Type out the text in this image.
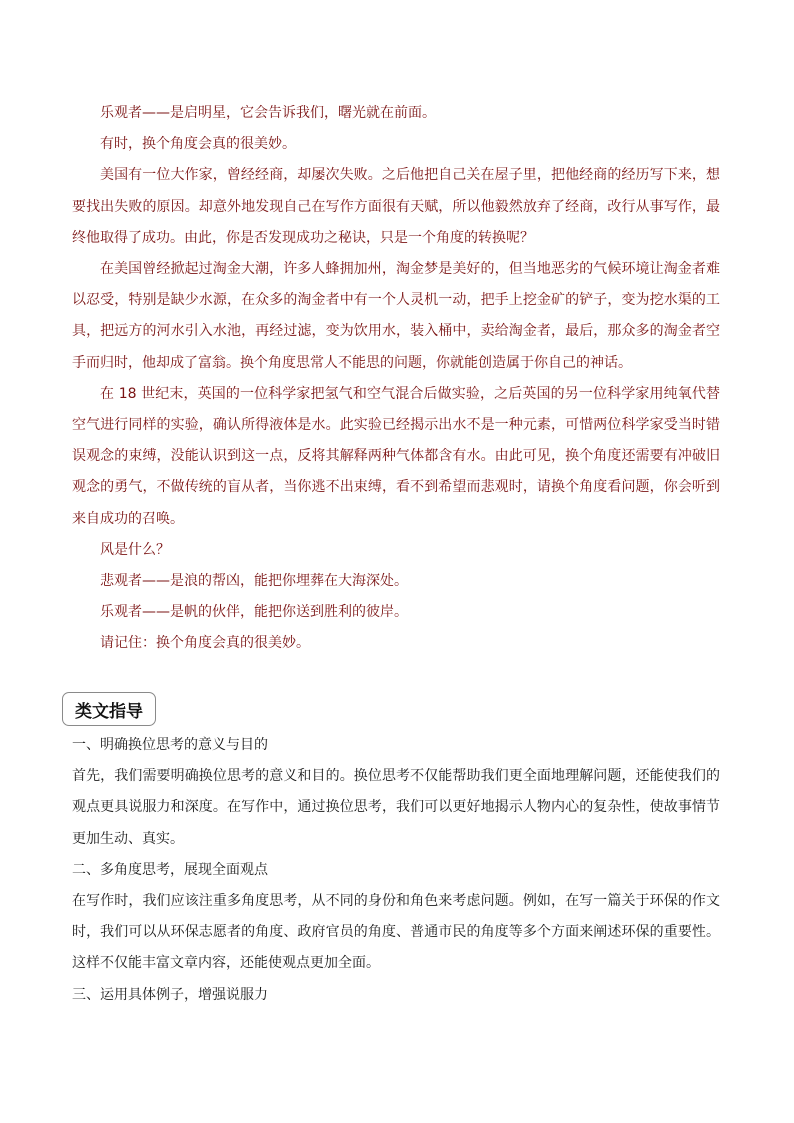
乐观者——是启明星，它会告诉我们，曙光就在前面。

有时，换个角度会真的很美妙。

美国有一位大作家，曾经经商，却屡次失败。之后他把自己关在屋子里，把他经商的经历写下来，想要找出失败的原因。却意外地发现自己在写作方面很有天赋，所以他毅然放弃了经商，改行从事写作，最终他取得了成功。由此，你是否发现成功之秘诀，只是一个角度的转换呢？

在美国曾经掀起过淘金大潮，许多人蜂拥加州，淘金梦是美好的，但当地恶劣的气候环境让淘金者难以忍受，特别是缺少水源，在众多的淘金者中有一个人灵机一动，把手上挖金矿的铲子，变为挖水渠的工具，把远方的河水引入水池，再经过滤，变为饮用水，装入桶中，卖给淘金者，最后，那众多的淘金者空手而归时，他却成了富翁。换个角度思常人不能思的问题，你就能创造属于你自己的神话。

在 18 世纪末，英国的一位科学家把氢气和空气混合后做实验，之后英国的另一位科学家用纯氧代替空气进行同样的实验，确认所得液体是水。此实验已经揭示出水不是一种元素，可惜两位科学家受当时错误观念的束缚，没能认识到这一点，反将其解释两种气体都含有水。由此可见，换个角度还需要有冲破旧观念的勇气，不做传统的盲从者，当你逃不出束缚，看不到希望而悲观时，请换个角度看问题，你会听到来自成功的召唤。

风是什么？

悲观者——是浪的帮凶，能把你埋葬在大海深处。

乐观者——是帆的伙伴，能把你送到胜利的彼岸。

请记住：换个角度会真的很美妙。

类文指导

一、明确换位思考的意义与目的

首先，我们需要明确换位思考的意义和目的。换位思考不仅能帮助我们更全面地理解问题，还能使我们的观点更具说服力和深度。在写作中，通过换位思考，我们可以更好地揭示人物内心的复杂性，使故事情节更加生动、真实。

二、多角度思考，展现全面观点

在写作时，我们应该注重多角度思考，从不同的身份和角色来考虑问题。例如，在写一篇关于环保的作文时，我们可以从环保志愿者的角度、政府官员的角度、普通市民的角度等多个方面来阐述环保的重要性。这样不仅能丰富文章内容，还能使观点更加全面。

三、运用具体例子，增强说服力
